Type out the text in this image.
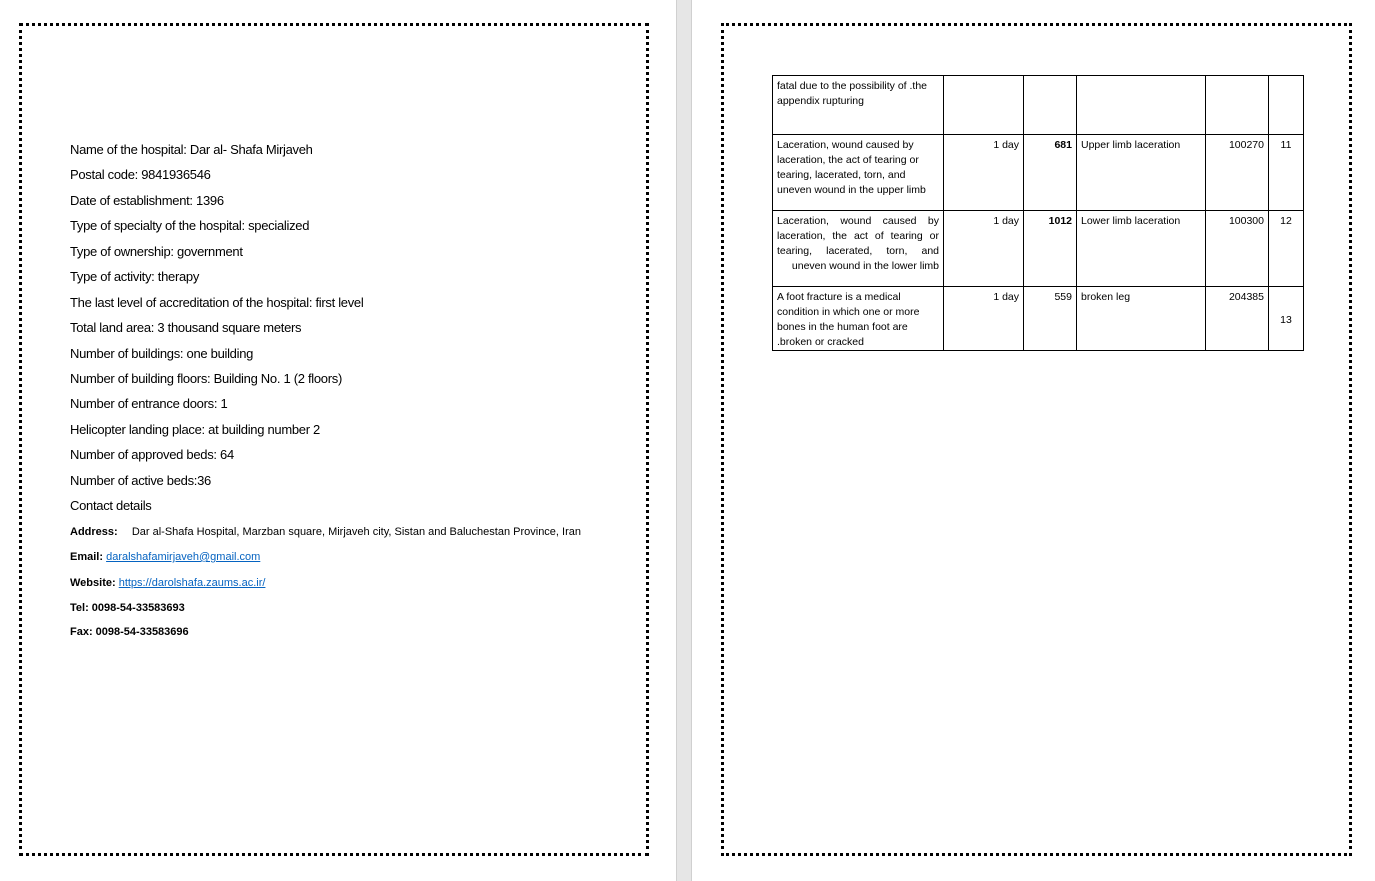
Name of the hospital: Dar al- Shafa Mirjaveh
Postal code: 9841936546
Date of establishment: 1396
Type of specialty of the hospital: specialized
Type of ownership: government
Type of activity: therapy
The last level of accreditation of the hospital: first level
Total land area: 3 thousand square meters
Number of buildings: one building
Number of building floors: Building No. 1 (2 floors)
Number of entrance doors: 1
Helicopter landing place: at building number 2
Number of approved beds: 64
Number of active beds:36
Contact details
Address: Dar al-Shafa Hospital, Marzban square, Mirjaveh city, Sistan and Baluchestan Province, Iran
Email: daralshafamirjaveh@gmail.com
Website: https://darolshafa.zaums.ac.ir/
Tel: 0098-54-33583693
Fax: 0098-54-33583696
fatal due to the possibility of .the appendix rupturing					
Laceration, wound caused by laceration, the act of tearing or tearing, lacerated, torn, and uneven wound in the upper limb	1 day	681	Upper limb laceration	100270	11
Laceration, wound caused by laceration, the act of tearing or tearing, lacerated, torn, and uneven wound in the lower limb	1 day	1012	Lower limb laceration	100300	12
A foot fracture is a medical condition in which one or more bones in the human foot are .broken or cracked	1 day	559	broken leg	204385	13
